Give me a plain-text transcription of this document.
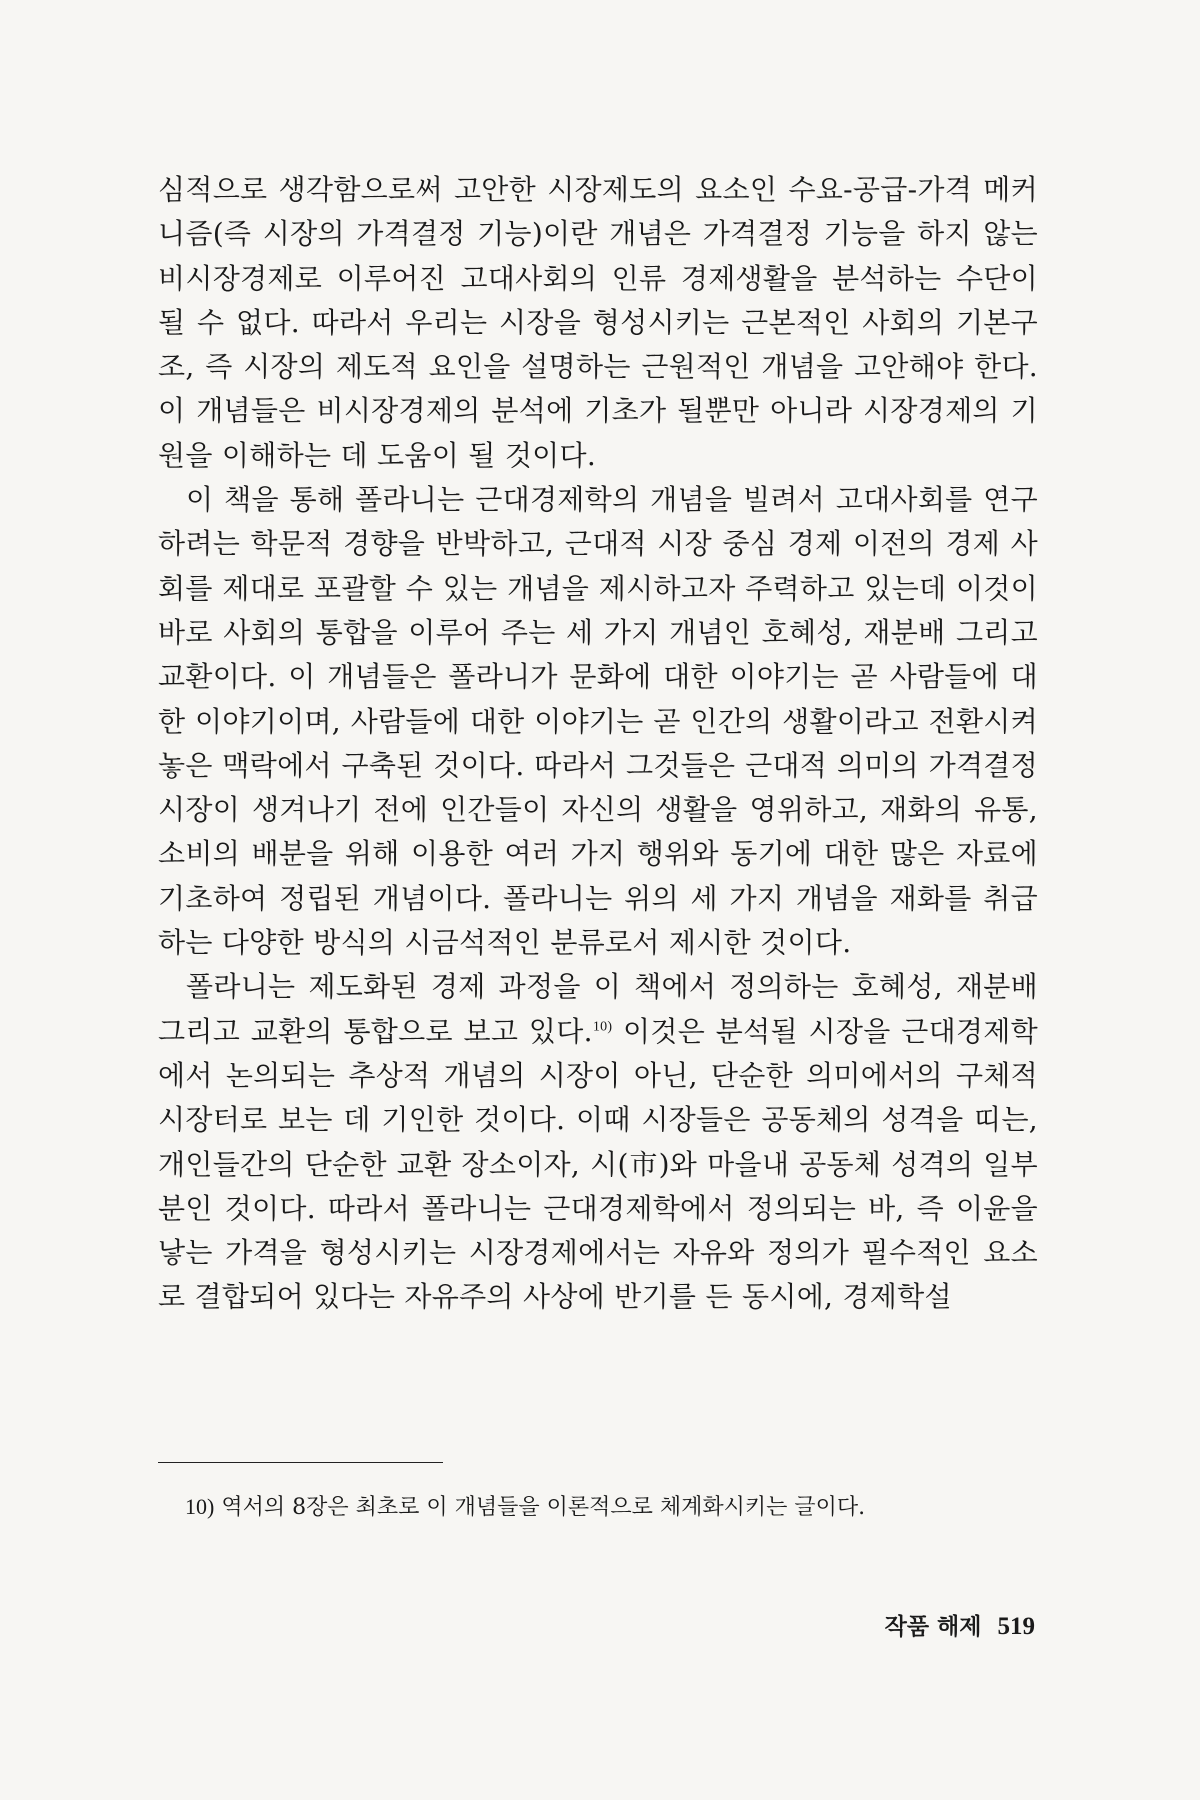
심적으로 생각함으로써 고안한 시장제도의 요소인 수요-공급-가격 메커니즘(즉 시장의 가격결정 기능)이란 개념은 가격결정 기능을 하지 않는 비시장경제로 이루어진 고대사회의 인류 경제생활을 분석하는 수단이 될 수 없다. 따라서 우리는 시장을 형성시키는 근본적인 사회의 기본구조, 즉 시장의 제도적 요인을 설명하는 근원적인 개념을 고안해야 한다. 이 개념들은 비시장경제의 분석에 기초가 될뿐만 아니라 시장경제의 기원을 이해하는 데 도움이 될 것이다.

이 책을 통해 폴라니는 근대경제학의 개념을 빌려서 고대사회를 연구하려는 학문적 경향을 반박하고, 근대적 시장 중심 경제 이전의 경제 사회를 제대로 포괄할 수 있는 개념을 제시하고자 주력하고 있는데 이것이 바로 사회의 통합을 이루어 주는 세 가지 개념인 호혜성, 재분배 그리고 교환이다. 이 개념들은 폴라니가 문화에 대한 이야기는 곧 사람들에 대한 이야기이며, 사람들에 대한 이야기는 곧 인간의 생활이라고 전환시켜 놓은 맥락에서 구축된 것이다. 따라서 그것들은 근대적 의미의 가격결정시장이 생겨나기 전에 인간들이 자신의 생활을 영위하고, 재화의 유통, 소비의 배분을 위해 이용한 여러 가지 행위와 동기에 대한 많은 자료에 기초하여 정립된 개념이다. 폴라니는 위의 세 가지 개념을 재화를 취급하는 다양한 방식의 시금석적인 분류로서 제시한 것이다.

폴라니는 제도화된 경제 과정을 이 책에서 정의하는 호혜성, 재분배 그리고 교환의 통합으로 보고 있다.$^{10)}$ 이것은 분석될 시장을 근대경제학에서 논의되는 추상적 개념의 시장이 아닌, 단순한 의미에서의 구체적 시장터로 보는 데 기인한 것이다. 이때 시장들은 공동체의 성격을 띠는, 개인들간의 단순한 교환 장소이자, 시(市)와 마을내 공동체 성격의 일부분인 것이다. 따라서 폴라니는 근대경제학에서 정의되는 바, 즉 이윤을 낳는 가격을 형성시키는 시장경제에서는 자유와 정의가 필수적인 요소로 결합되어 있다는 자유주의 사상에 반기를 든 동시에, 경제학설

10) 역서의 8장은 최초로 이 개념들을 이론적으로 체계화시키는 글이다.
작품 해제 519
